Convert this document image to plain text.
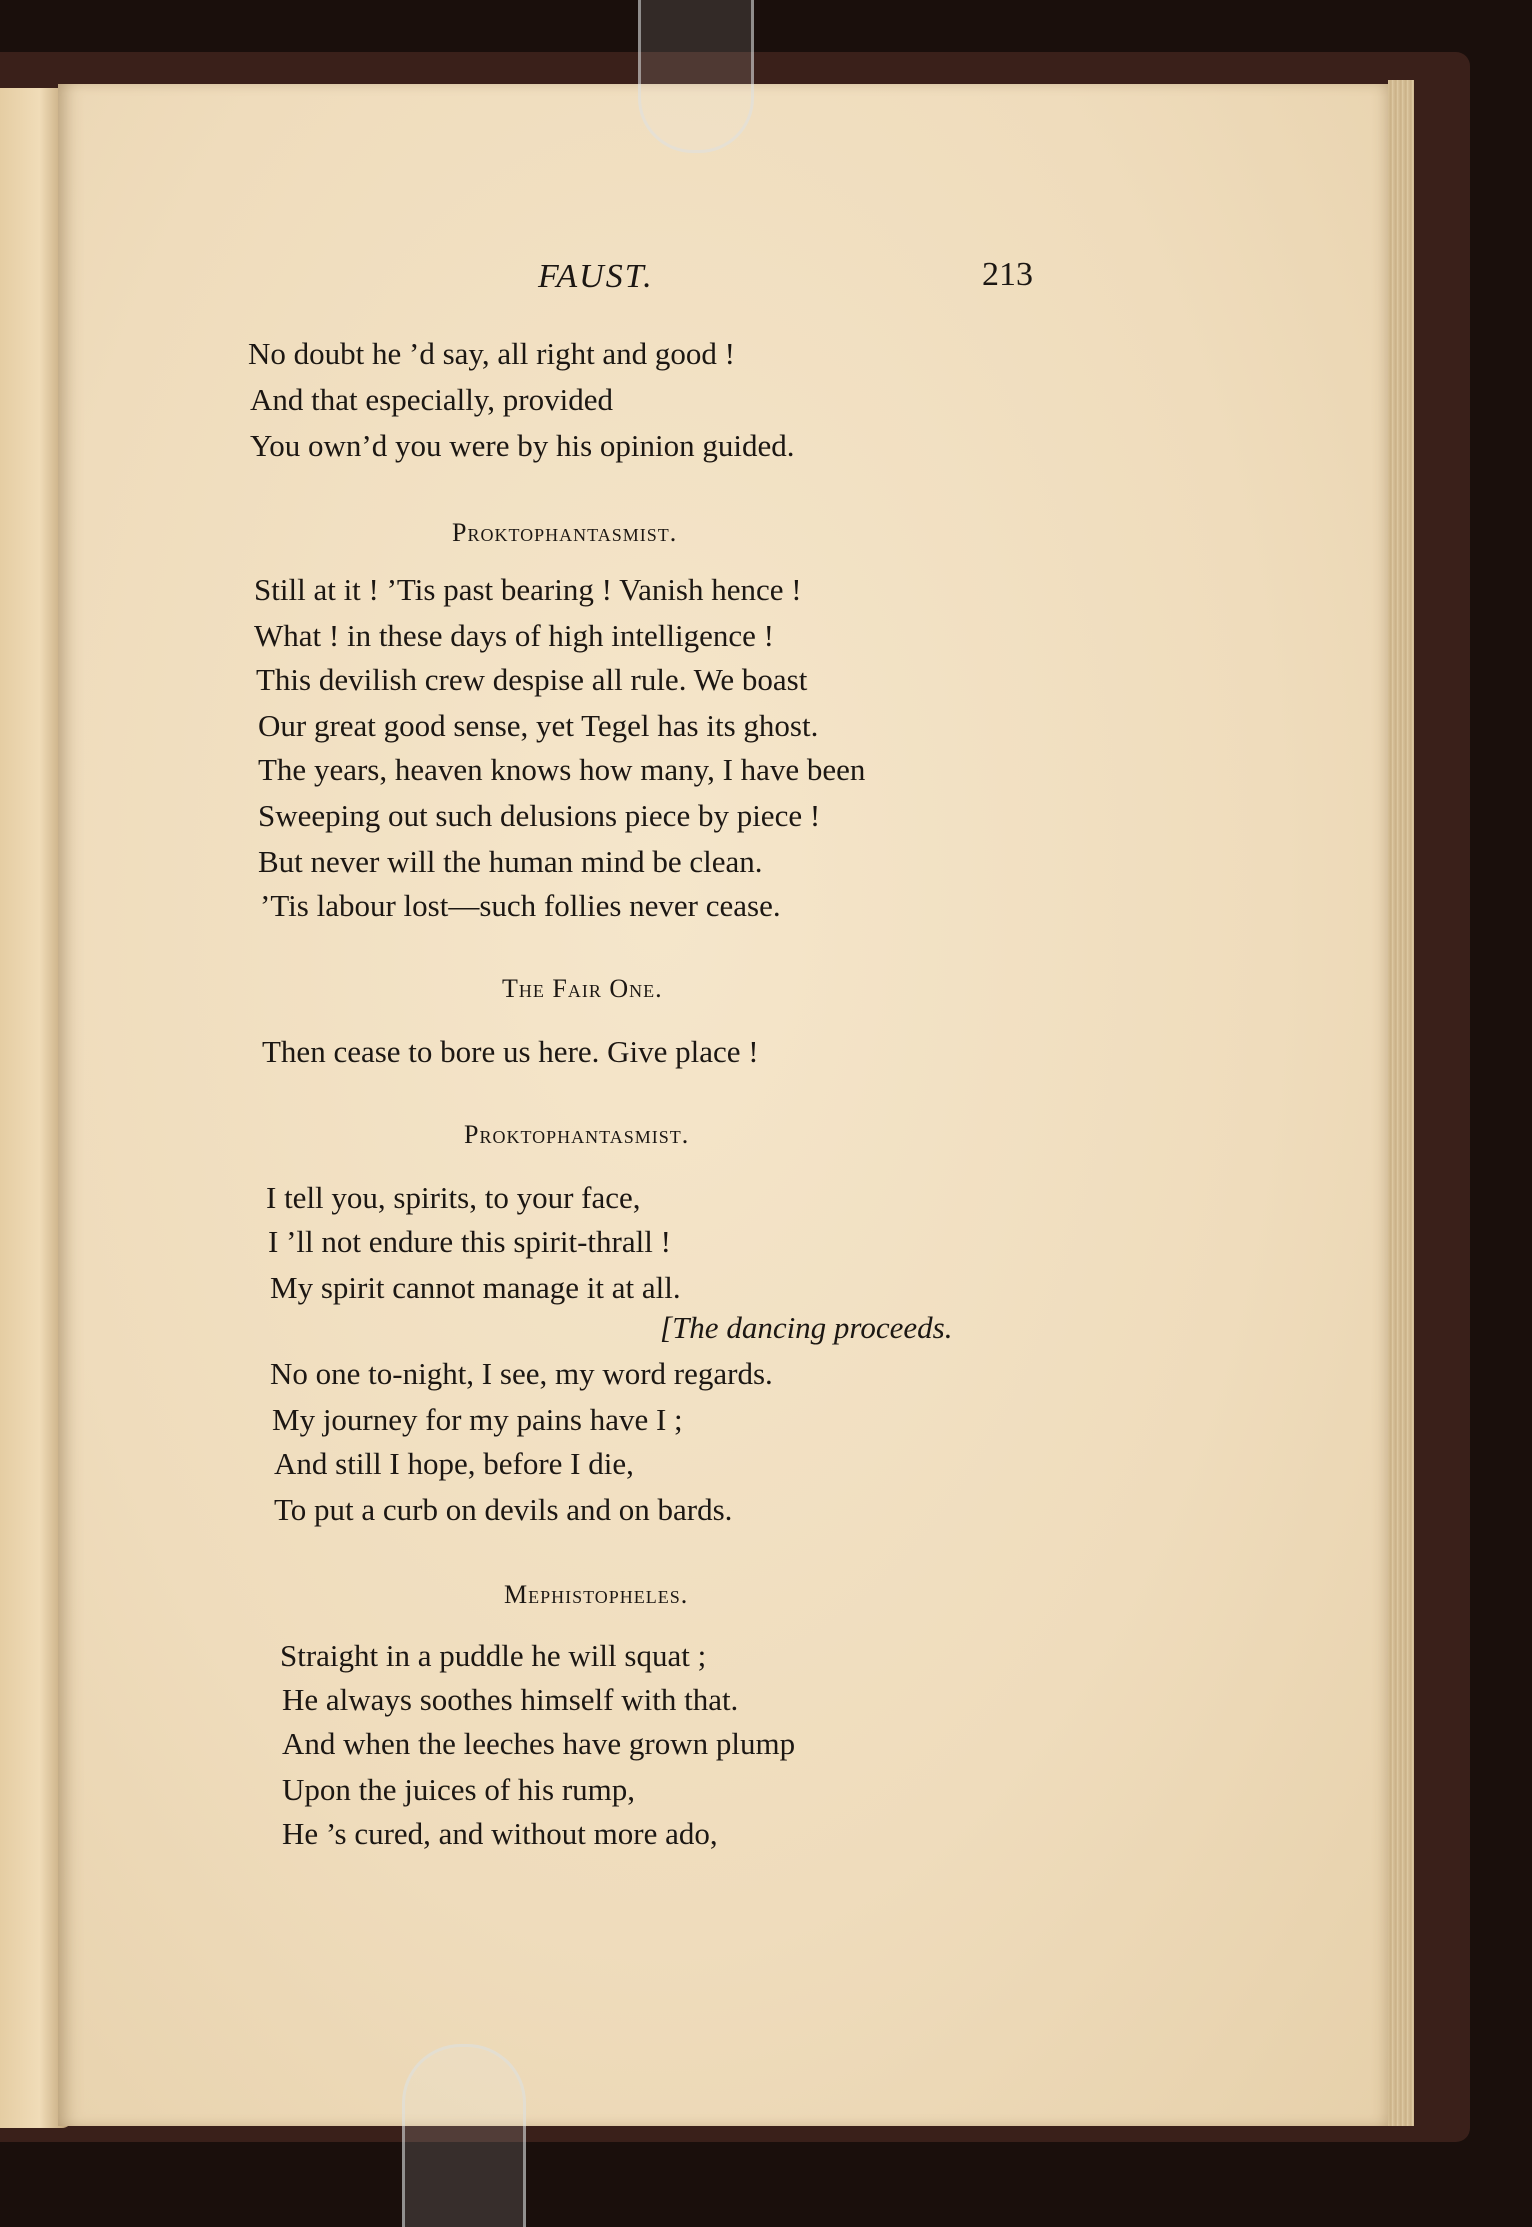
FAUST.	213

No doubt he ’d say, all right and good !

And that especially, provided

You own’d you were by his opinion guided.

Proktophantasmist.

Still at it ! ’Tis past bearing ! Vanish hence !

What ! in these days of high intelligence !

This devilish crew despise all rule. We boast

Our great good sense, yet Tegel has its ghost.

The years, heaven knows how many, I have been

Sweeping out such delusions piece by piece !

But never will the human mind be clean.

’Tis labour lost—such follies never cease.

The Fair One.

Then cease to bore us here. Give place !

Proktophantasmist.

I tell you, spirits, to your face,

I ’ll not endure this spirit-thrall !

My spirit cannot manage it at all.

[The dancing proceeds.

No one to-night, I see, my word regards.

My journey for my pains have I ;

And still I hope, before I die,

To put a curb on devils and on bards.

Mephistopheles.

Straight in a puddle he will squat ;

He always soothes himself with that.

And when the leeches have grown plump

Upon the juices of his rump,

He ’s cured, and without more ado,
